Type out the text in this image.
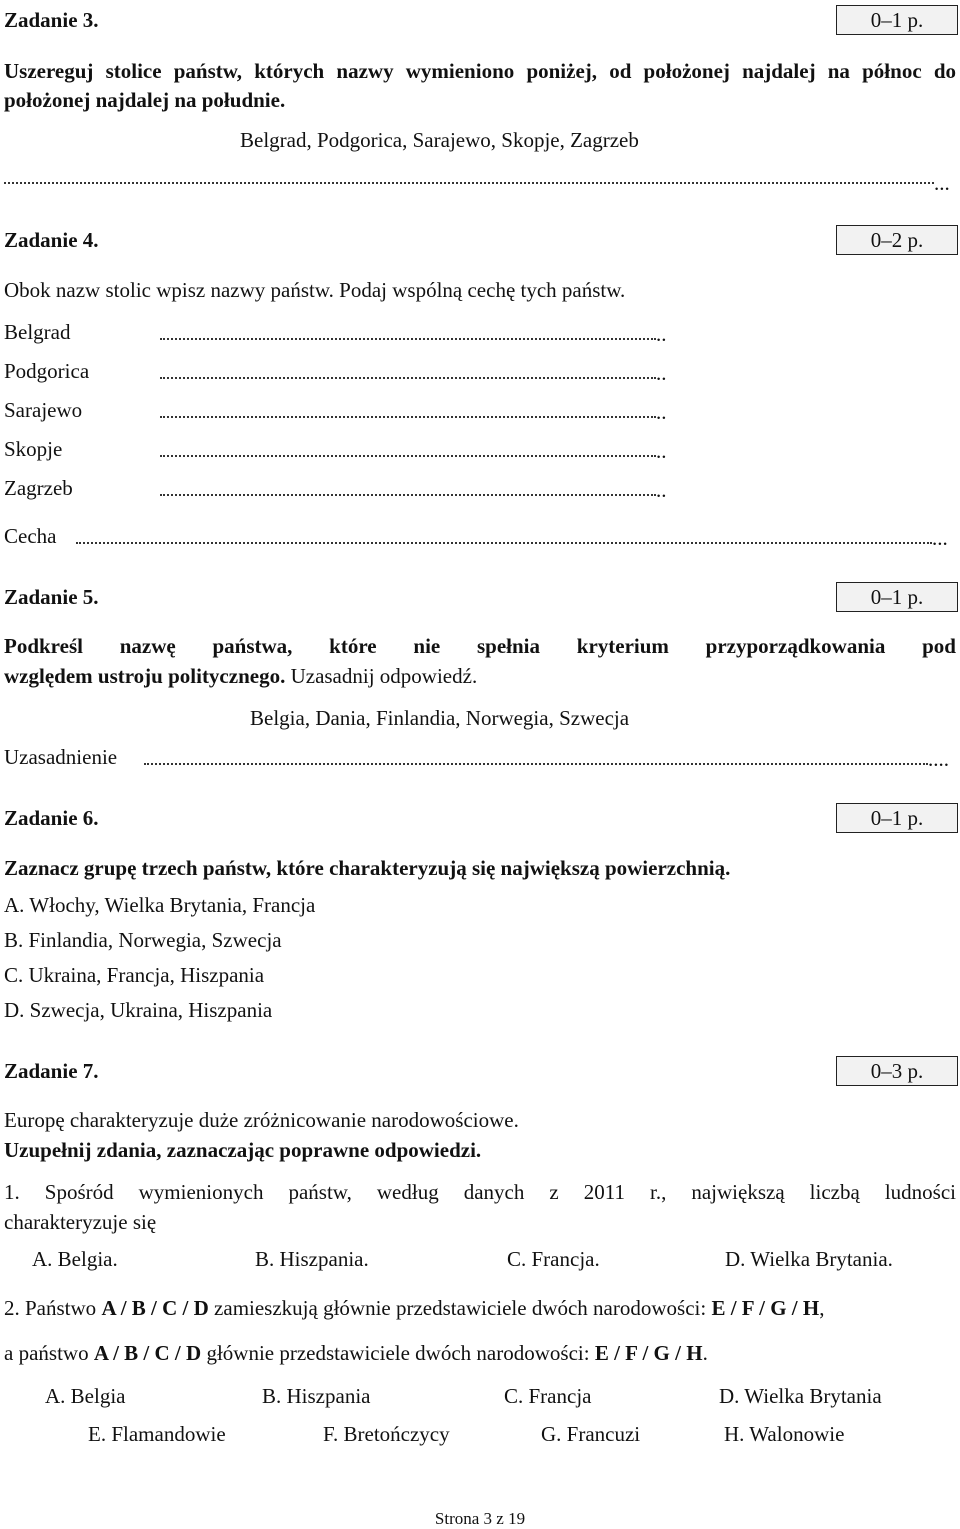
Zadanie 3.	0–1 p.
Uszereguj stolice państw, których nazwy wymieniono poniżej, od położonej najdalej na północ do położonej najdalej na południe.
Belgrad, Podgorica, Sarajewo, Skopje, Zagrzeb
...
Zadanie 4.	0–2 p.
Obok nazw stolic wpisz nazwy państw. Podaj wspólną cechę tych państw.
Belgrad	..
Podgorica	..
Sarajewo	..
Skopje	..
Zagrzeb	..
Cecha	...
Zadanie 5.	0–1 p.
Podkreśl nazwę państwa, które nie spełnia kryterium przyporządkowania pod
względem ustroju politycznego. Uzasadnij odpowiedź.
Belgia, Dania, Finlandia, Norwegia, Szwecja
Uzasadnienie	....
Zadanie 6.	0–1 p.
Zaznacz grupę trzech państw, które charakteryzują się największą powierzchnią.
A. Włochy, Wielka Brytania, Francja
B. Finlandia, Norwegia, Szwecja
C. Ukraina, Francja, Hiszpania
D. Szwecja, Ukraina, Hiszpania
Zadanie 7.	0–3 p.
Europę charakteryzuje duże zróżnicowanie narodowościowe.
Uzupełnij zdania, zaznaczając poprawne odpowiedzi.
1. Spośród wymienionych państw, według danych z 2011 r., największą liczbą ludności
charakteryzuje się
A. Belgia.	B. Hiszpania.	C. Francja.	D. Wielka Brytania.
2. Państwo A / B / C / D zamieszkują głównie przedstawiciele dwóch narodowości: E / F / G / H,
a państwo A / B / C / D głównie przedstawiciele dwóch narodowości: E / F / G / H.
A. Belgia	B. Hiszpania	C. Francja	D. Wielka Brytania
E. Flamandowie	F. Bretończycy	G. Francuzi	H. Walonowie
Strona 3 z 19
